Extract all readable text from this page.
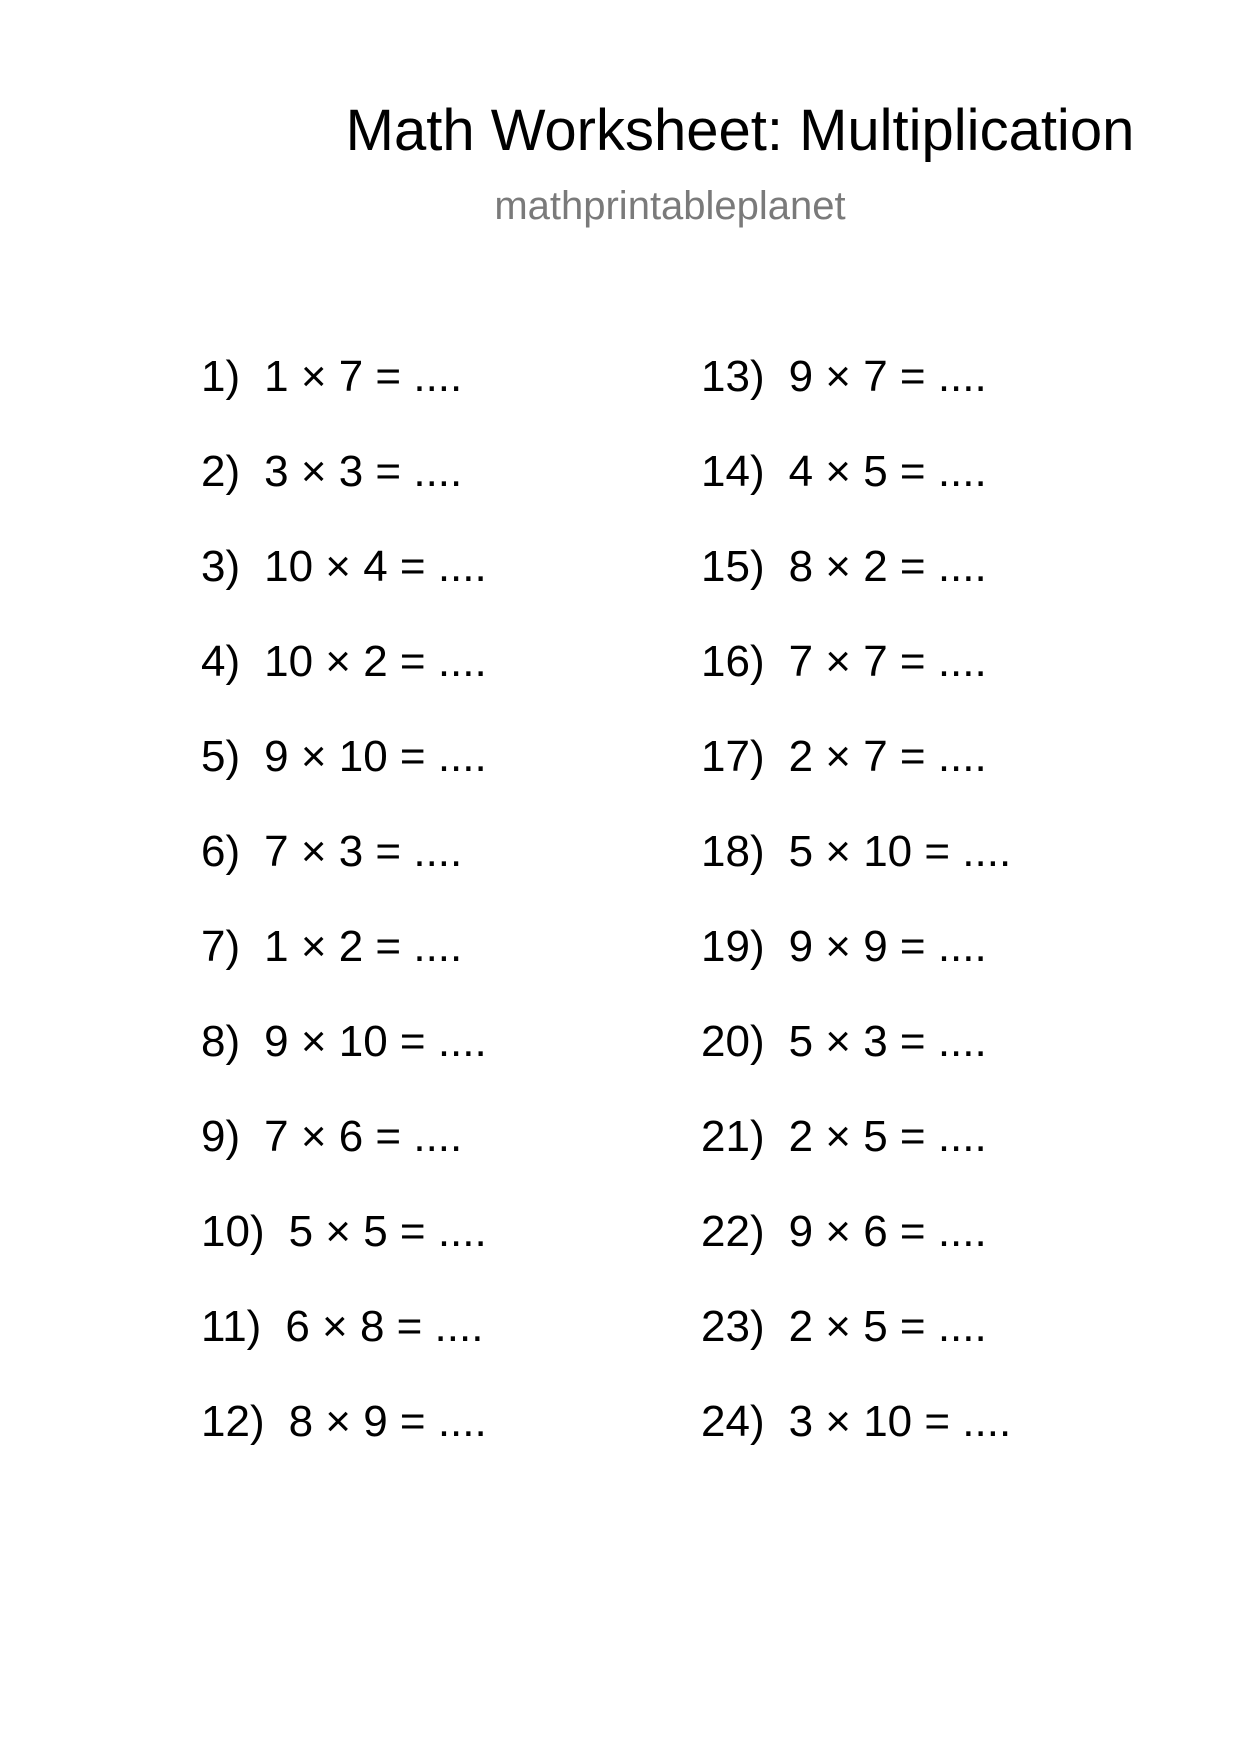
Math Worksheet: Multiplication
mathprintableplanet
1) 1 × 7 = ....
2) 3 × 3 = ....
3) 10 × 4 = ....
4) 10 × 2 = ....
5) 9 × 10 = ....
6) 7 × 3 = ....
7) 1 × 2 = ....
8) 9 × 10 = ....
9) 7 × 6 = ....
10) 5 × 5 = ....
11) 6 × 8 = ....
12) 8 × 9 = ....
13) 9 × 7 = ....
14) 4 × 5 = ....
15) 8 × 2 = ....
16) 7 × 7 = ....
17) 2 × 7 = ....
18) 5 × 10 = ....
19) 9 × 9 = ....
20) 5 × 3 = ....
21) 2 × 5 = ....
22) 9 × 6 = ....
23) 2 × 5 = ....
24) 3 × 10 = ....
